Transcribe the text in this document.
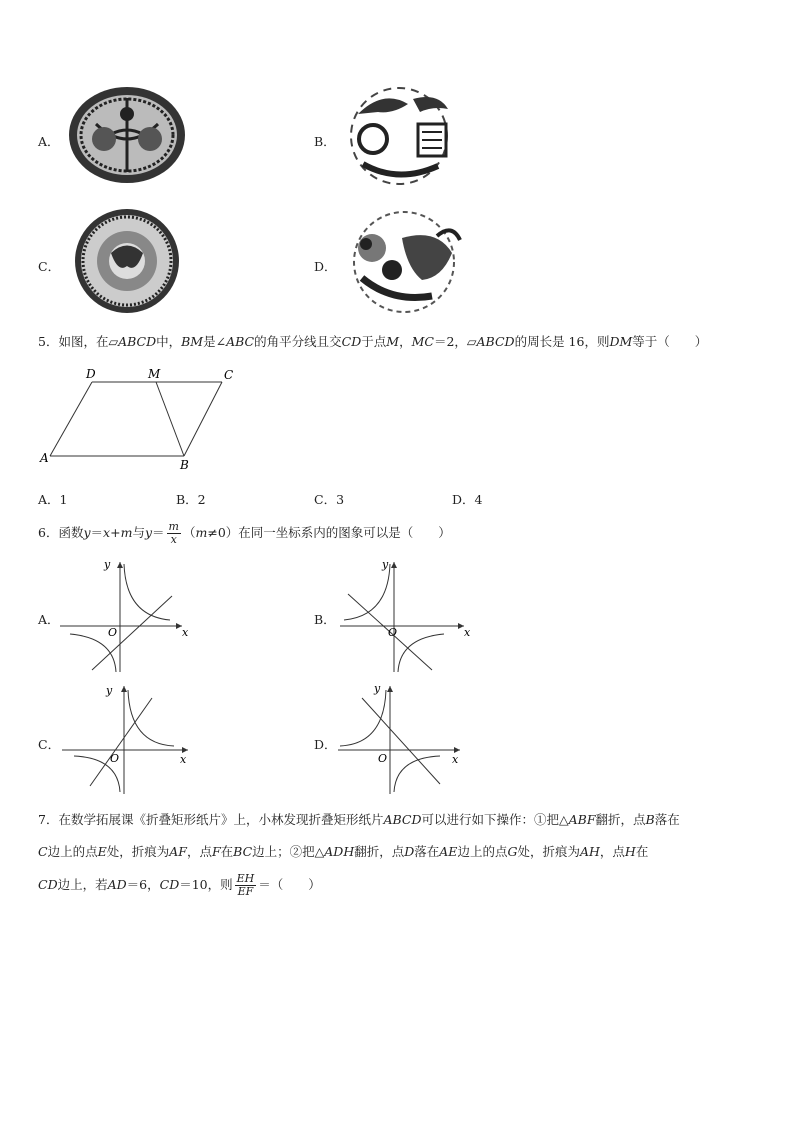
A．	B．
C．	D．
5．如图，在▱ABCD中，BM是∠ABC的角平分线且交CD于点M，MC＝2，▱ABCD的周长是 16，则DM等于（　　）
D	M	C
A	B
A．1	B．2	C．3	D．4
6．函数y＝x+m与$y= \frac{m}{x} (m\ne 0)$在同一坐标系内的图象可以是（　　）
A．
x
y
O
B．
x
y
O
C．
x
y
O
D．
x
y
O
7．在数学拓展课《折叠矩形纸片》上，小林发现折叠矩形纸片ABCD可以进行如下操作：①把△ABF翻折，点B落在
C边上的点E处，折痕为AF，点F在BC边上；②把△ADH翻折，点D落在AE边上的点G处，折痕为AH，点H在
CD边上，若AD＝6，CD＝10，则 $\frac{EH}{EF}$ ＝（　　）
